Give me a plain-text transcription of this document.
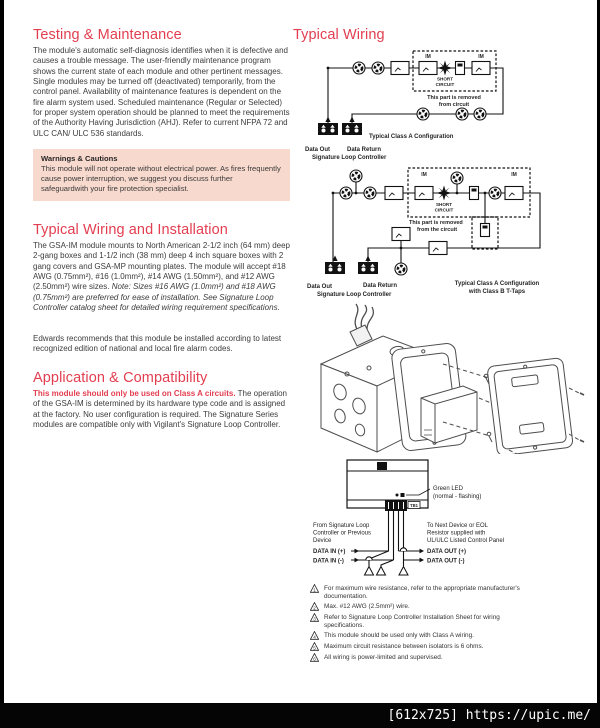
Testing & Maintenance

The module's automatic self-diagnosis identifies when it is defective and causes a trouble message. The user-friendly maintenance program shows the current state of each module and other pertinent messages. Single modules may be turned off (deactivated) temporarily, from the control panel. Availability of maintenance features is dependent on the fire alarm system used. Scheduled maintenance (Regular or Selected) for proper system operation should be planned to meet the requirements of the Authority Having Jurisdiction (AHJ). Refer to current NFPA 72 and ULC CAN/ ULC 536 standards.

Warnings & Cautions

This module will not operate without electrical power. As fires frequently cause power interruption, we suggest you discuss further safeguardwith your fire protection specialist.

Typical Wiring and Installation

The GSA-IM module mounts to North American 2-1/2 inch (64 mm) deep 2-gang boxes and 1-1/2 inch (38 mm) deep 4 inch square boxes with 2 gang covers and GSA-MP mounting plates. The module will accept #18 AWG (0.75mm²), #16 (1.0mm²), #14 AWG (1.50mm²), and #12 AWG (2.50mm²) wire sizes. Note: Sizes #16 AWG (1.0mm²) and #18 AWG (0.75mm²) are preferred for ease of installation. See Signature Loop Controller catalog sheet for detailed wiring requirement specifications.

Edwards recommends that this module be installed according to latest recognized edition of national and local fire alarm codes.

Application & Compatibility

This module should only be used on Class A circuits. The operation of the GSA-IM is determined by its hardware type code and is assigned at the factory. No user configuration is required. The Signature Series modules are compatible only with Vigilant's Signature Loop Controller.

Typical Wiring
IM	IM
SHORT
CIRCUIT
This part is removed
from circuit
Typical Class A Configuration
Data Out	Data Return
Signature Loop Controller
IM	IM
SHORT
CIRCUIT
This part is removed
from the circuit
Typical Class A Configuration
with Class B T-Taps
Data Out	Data Return
Signature Loop Controller
TB1
Green LED
(normal - flashing)
From Signature Loop
Controller or Previous
Device
DATA IN (+)
DATA IN (-)
To Next Device or EOL
Resistor supplied with
UL/ULC Listed Control Panel
DATA OUT (+)
DATA OUT (-)
1 For maximum wire resistance, refer to the appropriate manufacturer's documentation.
2 Max. #12 AWG (2.5mm²) wire.
3 Refer to Signature Loop Controller Installation Sheet for wiring specifications.
4 This module should be used only with Class A wiring.
5 Maximum circuit resistance between isolators is 6 ohms.
6 All wiring is power-limited and supervised.
[612x725] https://upic.me/
